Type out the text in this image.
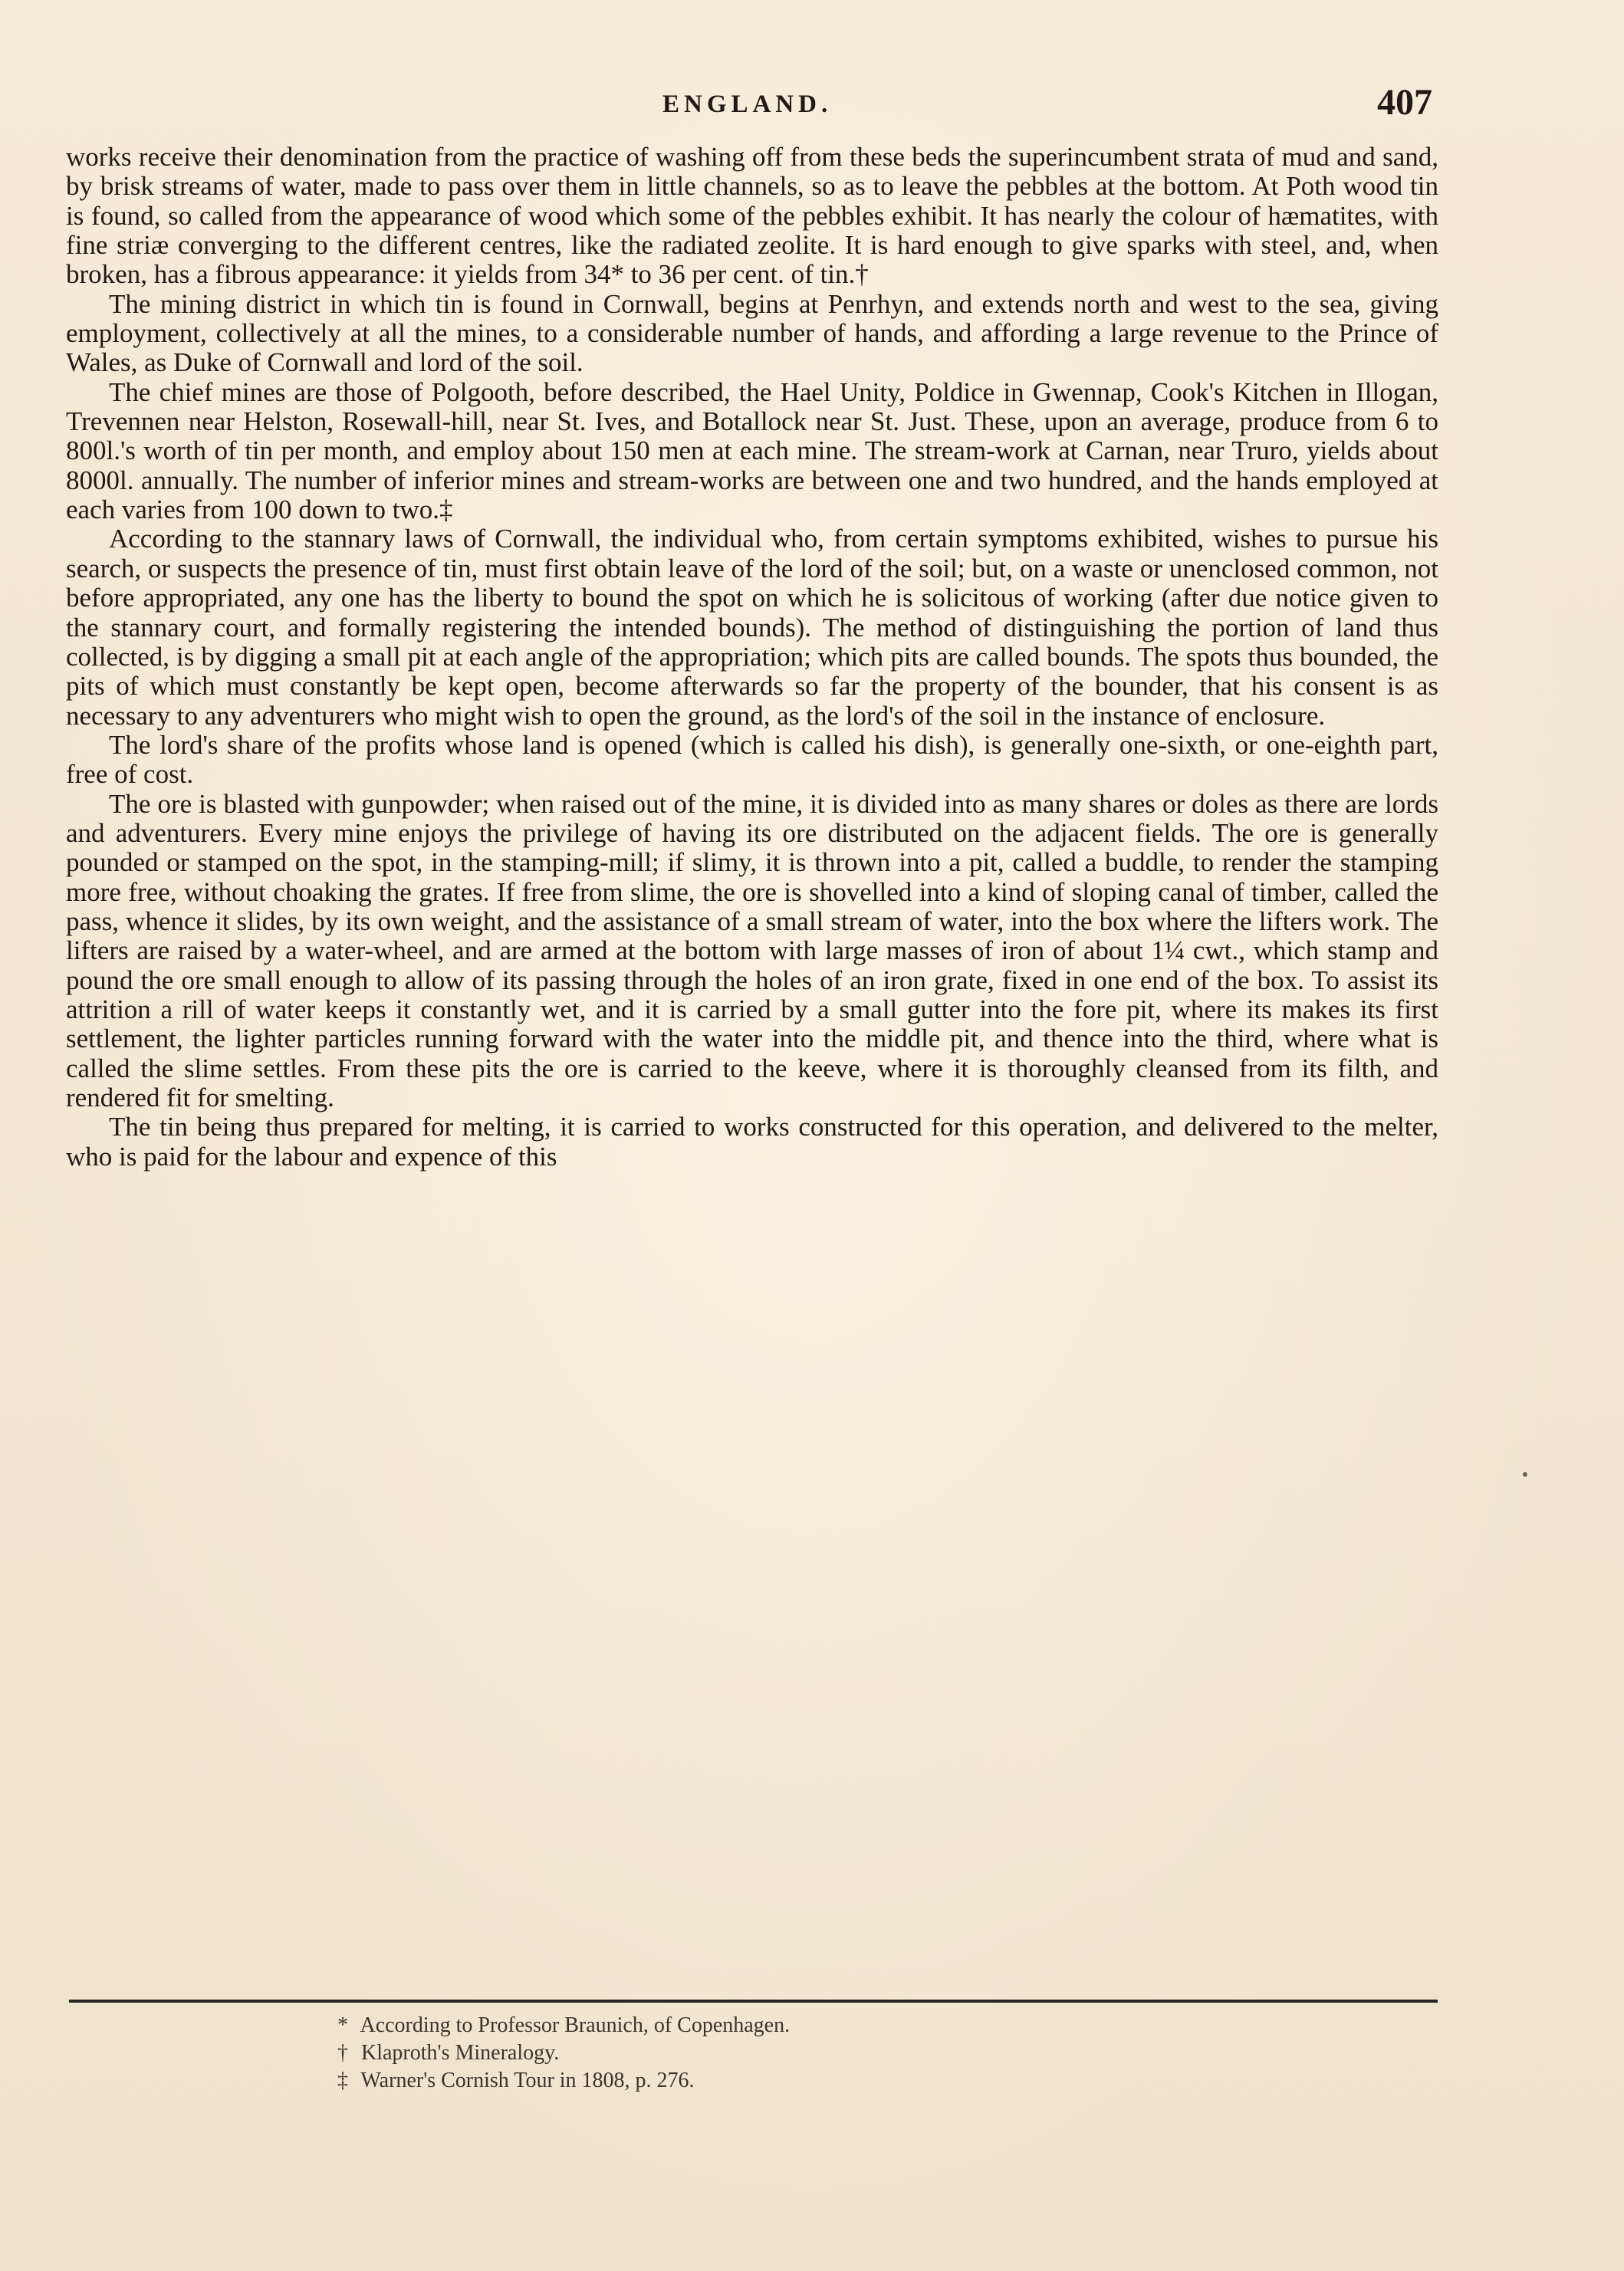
ENGLAND.	407

works receive their denomination from the practice of washing off from these beds the superincumbent strata of mud and sand, by brisk streams of water, made to pass over them in little channels, so as to leave the pebbles at the bottom. At Poth wood tin is found, so called from the appearance of wood which some of the pebbles exhibit. It has nearly the colour of hæmatites, with fine striæ converging to the different centres, like the radiated zeolite. It is hard enough to give sparks with steel, and, when broken, has a fibrous appearance: it yields from 34* to 36 per cent. of tin.†

The mining district in which tin is found in Cornwall, begins at Penrhyn, and extends north and west to the sea, giving employment, collectively at all the mines, to a considerable number of hands, and affording a large revenue to the Prince of Wales, as Duke of Cornwall and lord of the soil.

The chief mines are those of Polgooth, before described, the Hael Unity, Poldice in Gwennap, Cook's Kitchen in Illogan, Trevennen near Helston, Rosewall-hill, near St. Ives, and Botallock near St. Just. These, upon an average, produce from 6 to 800l.'s worth of tin per month, and employ about 150 men at each mine. The stream-work at Carnan, near Truro, yields about 8000l. annually. The number of inferior mines and stream-works are between one and two hundred, and the hands employed at each varies from 100 down to two.‡

According to the stannary laws of Cornwall, the individual who, from certain symptoms exhibited, wishes to pursue his search, or suspects the presence of tin, must first obtain leave of the lord of the soil; but, on a waste or unenclosed common, not before appropriated, any one has the liberty to bound the spot on which he is solicitous of working (after due notice given to the stannary court, and formally registering the intended bounds). The method of distinguishing the portion of land thus collected, is by digging a small pit at each angle of the appropriation; which pits are called bounds. The spots thus bounded, the pits of which must constantly be kept open, become afterwards so far the property of the bounder, that his consent is as necessary to any adventurers who might wish to open the ground, as the lord's of the soil in the instance of enclosure.

The lord's share of the profits whose land is opened (which is called his dish), is generally one-sixth, or one-eighth part, free of cost.

The ore is blasted with gunpowder; when raised out of the mine, it is divided into as many shares or doles as there are lords and adventurers. Every mine enjoys the privilege of having its ore distributed on the adjacent fields. The ore is generally pounded or stamped on the spot, in the stamping-mill; if slimy, it is thrown into a pit, called a buddle, to render the stamping more free, without choaking the grates. If free from slime, the ore is shovelled into a kind of sloping canal of timber, called the pass, whence it slides, by its own weight, and the assistance of a small stream of water, into the box where the lifters work. The lifters are raised by a water-wheel, and are armed at the bottom with large masses of iron of about 1¼ cwt., which stamp and pound the ore small enough to allow of its passing through the holes of an iron grate, fixed in one end of the box. To assist its attrition a rill of water keeps it constantly wet, and it is carried by a small gutter into the fore pit, where its makes its first settlement, the lighter particles running forward with the water into the middle pit, and thence into the third, where what is called the slime settles. From these pits the ore is carried to the keeve, where it is thoroughly cleansed from its filth, and rendered fit for smelting.

The tin being thus prepared for melting, it is carried to works constructed for this operation, and delivered to the melter, who is paid for the labour and expence of this

* According to Professor Braunich, of Copenhagen.

† Klaproth's Mineralogy.

‡ Warner's Cornish Tour in 1808, p. 276.
